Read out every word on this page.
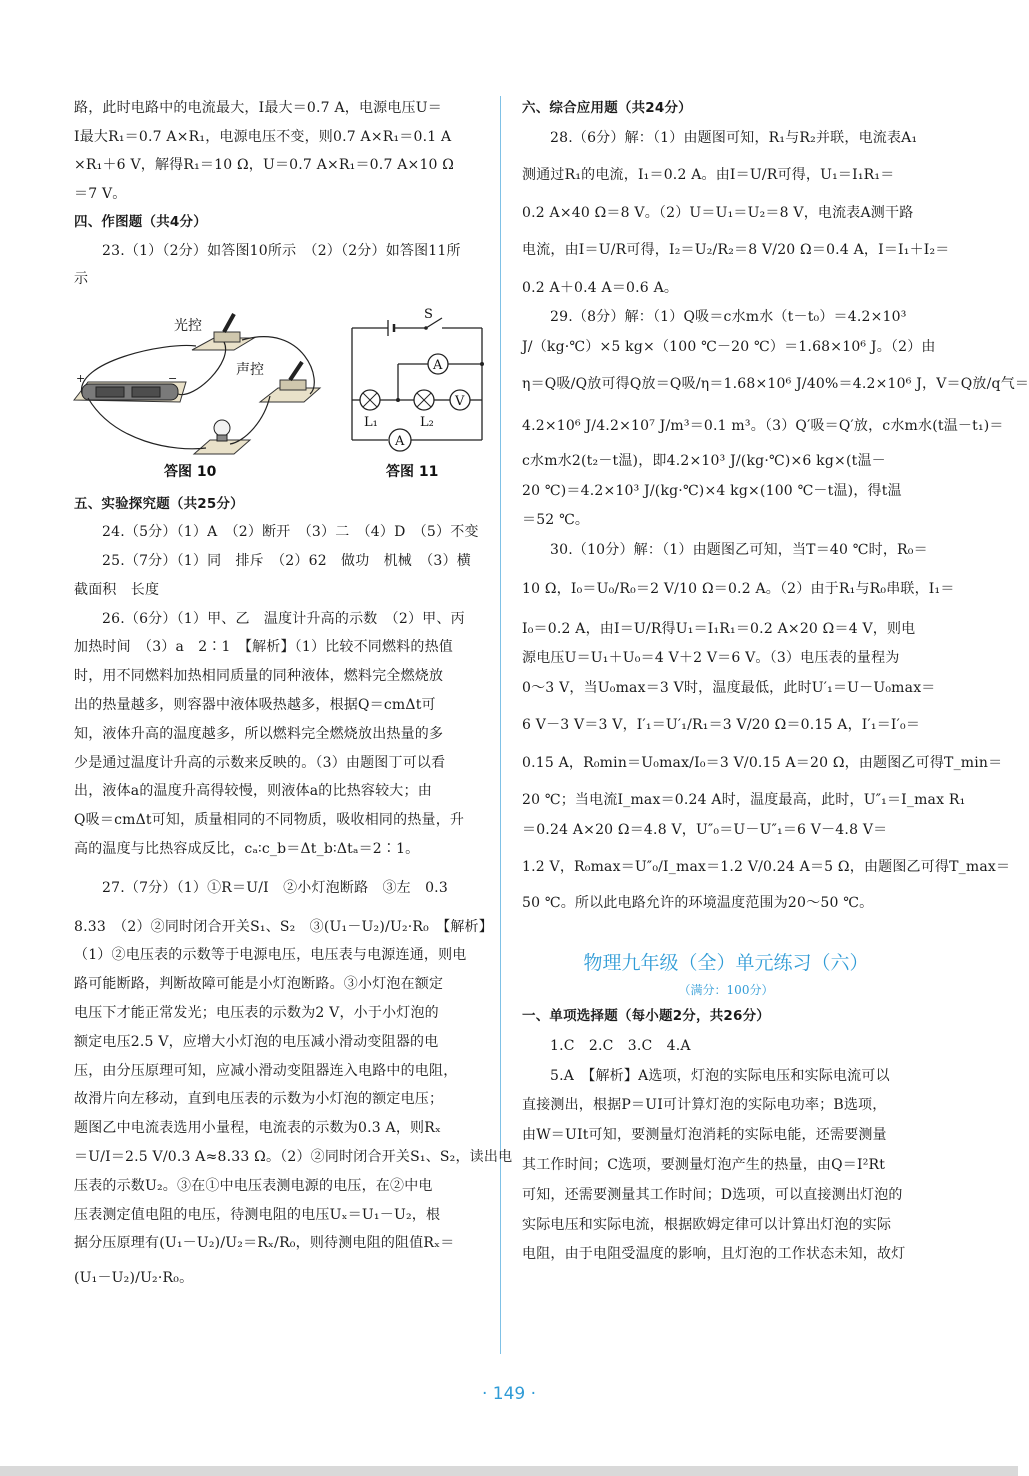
路，此时电路中的电流最大，I最大＝0.7 A，电源电压U＝

I最大R₁＝0.7 A×R₁，电源电压不变，则0.7 A×R₁＝0.1 A

×R₁＋6 V，解得R₁＝10 Ω，U＝0.7 A×R₁＝0.7 A×10 Ω

＝7 V。

四、作图题（共4分）

23.（1）（2分）如答图10所示　（2）（2分）如答图11所

示

+	−
光控
声控
答图 10
S
A
V
A
L₁	L₂
答图 11

五、实验探究题（共25分）

24.（5分）（1）A　（2）断开　（3）二　（4）D　（5）不变

25.（7分）（1）同　排斥　（2）62　做功　机械　（3）横

截面积　长度

26.（6分）（1）甲、乙　温度计升高的示数　（2）甲、丙

加热时间　（3）a　2∶1　【解析】（1）比较不同燃料的热值

时，用不同燃料加热相同质量的同种液体，燃料完全燃烧放

出的热量越多，则容器中液体吸热越多，根据Q＝cmΔt可

知，液体升高的温度越多，所以燃料完全燃烧放出热量的多

少是通过温度计升高的示数来反映的。（3）由题图丁可以看

出，液体a的温度升高得较慢，则液体a的比热容较大；由

Q吸＝cmΔt可知，质量相同的不同物质，吸收相同的热量，升

高的温度与比热容成反比，cₐ∶c_b＝Δt_b∶Δtₐ＝2∶1。

27.（7分）（1）①R＝U/I　②小灯泡断路　③左　0.3

8.33　（2）②同时闭合开关S₁、S₂　③(U₁－U₂)/U₂·R₀　【解析】

（1）②电压表的示数等于电源电压，电压表与电源连通，则电

路可能断路，判断故障可能是小灯泡断路。③小灯泡在额定

电压下才能正常发光；电压表的示数为2 V，小于小灯泡的

额定电压2.5 V，应增大小灯泡的电压减小滑动变阻器的电

压，由分压原理可知，应减小滑动变阻器连入电路中的电阻，

故滑片向左移动，直到电压表的示数为小灯泡的额定电压；

题图乙中电流表选用小量程，电流表的示数为0.3 A，则Rₓ

＝U/I＝2.5 V/0.3 A≈8.33 Ω。（2）②同时闭合开关S₁、S₂，读出电

压表的示数U₂。③在①中电压表测电源的电压，在②中电

压表测定值电阻的电压，待测电阻的电压Uₓ＝U₁－U₂，根

据分压原理有(U₁－U₂)/U₂＝Rₓ/R₀，则待测电阻的阻值Rₓ＝

(U₁－U₂)/U₂·R₀。

六、综合应用题（共24分）

28.（6分）解：（1）由题图可知，R₁与R₂并联，电流表A₁

测通过R₁的电流，I₁＝0.2 A。由I＝U/R可得，U₁＝I₁R₁＝

0.2 A×40 Ω＝8 V。（2）U＝U₁＝U₂＝8 V，电流表A测干路

电流，由I＝U/R可得，I₂＝U₂/R₂＝8 V/20 Ω＝0.4 A，I＝I₁＋I₂＝

0.2 A＋0.4 A＝0.6 A。

29.（8分）解：（1）Q吸＝c水m水（t－t₀）＝4.2×10³

J/（kg·℃）×5 kg×（100 ℃－20 ℃）＝1.68×10⁶ J。（2）由

η＝Q吸/Q放可得Q放＝Q吸/η＝1.68×10⁶ J/40%＝4.2×10⁶ J，V＝Q放/q气＝

4.2×10⁶ J/4.2×10⁷ J/m³＝0.1 m³。（3）Q′吸＝Q′放，c水m水(t温－t₁)＝

c水m水2(t₂－t温)，即4.2×10³ J/(kg·℃)×6 kg×(t温－

20 ℃)＝4.2×10³ J/(kg·℃)×4 kg×(100 ℃－t温)，得t温

＝52 ℃。

30.（10分）解：（1）由题图乙可知，当T＝40 ℃时，R₀＝

10 Ω，I₀＝U₀/R₀＝2 V/10 Ω＝0.2 A。（2）由于R₁与R₀串联，I₁＝

I₀＝0.2 A，由I＝U/R得U₁＝I₁R₁＝0.2 A×20 Ω＝4 V，则电

源电压U＝U₁＋U₀＝4 V＋2 V＝6 V。（3）电压表的量程为

0～3 V，当U₀max＝3 V时，温度最低，此时U′₁＝U－U₀max＝

6 V－3 V＝3 V，I′₁＝U′₁/R₁＝3 V/20 Ω＝0.15 A，I′₁＝I′₀＝

0.15 A，R₀min＝U₀max/I₀＝3 V/0.15 A＝20 Ω，由题图乙可得T_min＝

20 ℃；当电流I_max＝0.24 A时，温度最高，此时，U″₁＝I_max R₁

＝0.24 A×20 Ω＝4.8 V，U″₀＝U－U″₁＝6 V－4.8 V＝

1.2 V，R₀max＝U″₀/I_max＝1.2 V/0.24 A＝5 Ω，由题图乙可得T_max＝

50 ℃。所以此电路允许的环境温度范围为20～50 ℃。

物理九年级（全）单元练习（六）
（满分：100分）

一、单项选择题（每小题2分，共26分）

1.C　2.C　3.C　4.A

5.A　【解析】A选项，灯泡的实际电压和实际电流可以

直接测出，根据P＝UI可计算灯泡的实际电功率；B选项，

由W＝UIt可知，要测量灯泡消耗的实际电能，还需要测量

其工作时间；C选项，要测量灯泡产生的热量，由Q＝I²Rt

可知，还需要测量其工作时间；D选项，可以直接测出灯泡的

实际电压和实际电流，根据欧姆定律可以计算出灯泡的实际

电阻，由于电阻受温度的影响，且灯泡的工作状态未知，故灯

· 149 ·
